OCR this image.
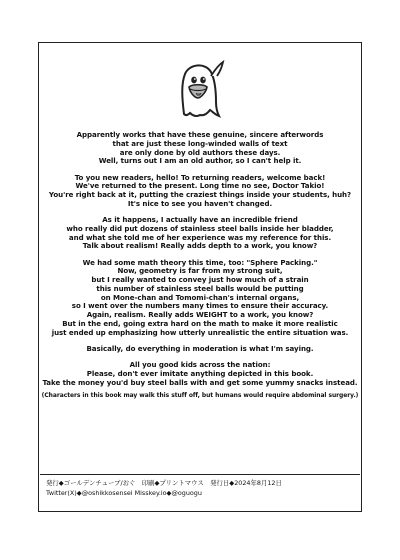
Apparently works that have these genuine, sincere afterwords
that are just these long-winded walls of text
are only done by old authors these days.
Well, turns out I am an old author, so I can't help it.

To you new readers, hello! To returning readers, welcome back!
We've returned to the present. Long time no see, Doctor Takio!
You're right back at it, putting the craziest things inside your students, huh?
It's nice to see you haven't changed.

As it happens, I actually have an incredible friend
who really did put dozens of stainless steel balls inside her bladder,
and what she told me of her experience was my reference for this.
Talk about realism! Really adds depth to a work, you know?

We had some math theory this time, too: "Sphere Packing."
Now, geometry is far from my strong suit,
but I really wanted to convey just how much of a strain
this number of stainless steel balls would be putting
on Mone-chan and Tomomi-chan's internal organs,
so I went over the numbers many times to ensure their accuracy.
Again, realism. Really adds WEIGHT to a work, you know?
But in the end, going extra hard on the math to make it more realistic
just ended up emphasizing how utterly unrealistic the entire situation was.

Basically, do everything in moderation is what I'm saying.

All you good kids across the nation:
Please, don't ever imitate anything depicted in this book.
Take the money you'd buy steel balls with and get some yummy snacks instead.

(Characters in this book may walk this stuff off, but humans would require abdominal surgery.)
発行◆ゴールデンチューブ/おぐ　印刷◆プリントマウス　発行日◆2024年8月12日
Twitter(X)◆@oshikkosensei Misskey.io◆@oguogu
